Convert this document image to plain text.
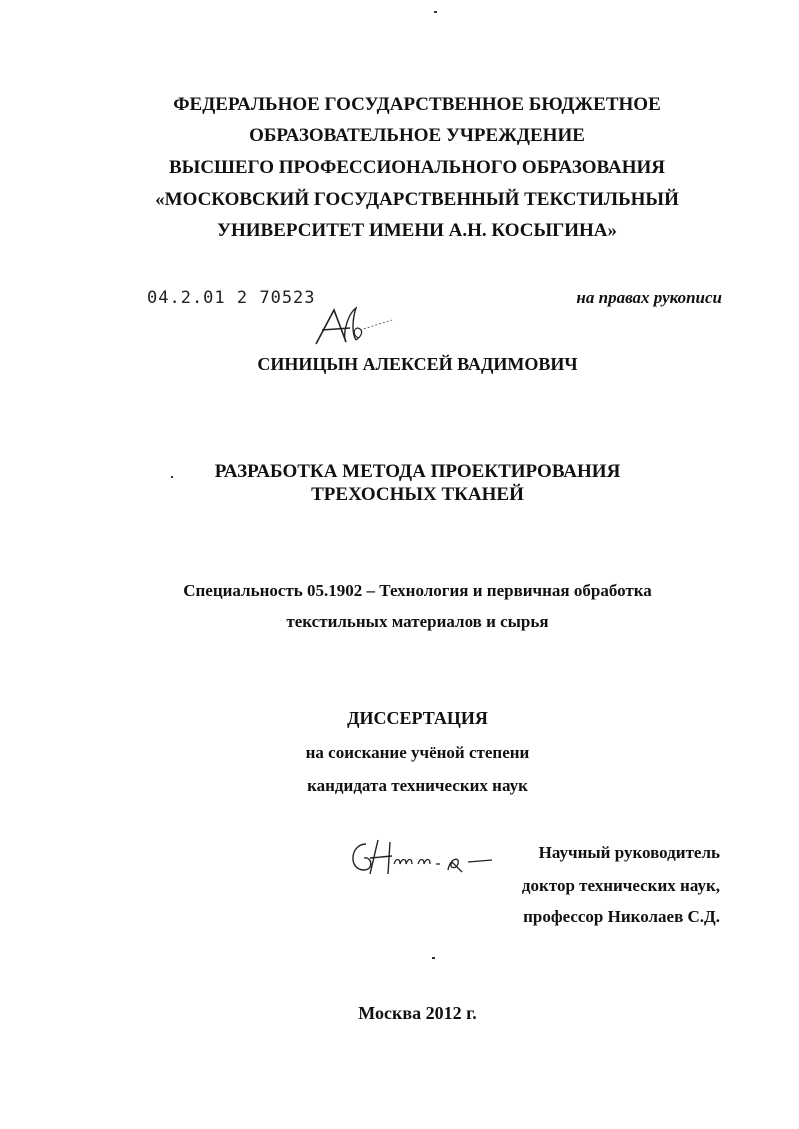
ФЕДЕРАЛЬНОЕ ГОСУДАРСТВЕННОЕ БЮДЖЕТНОЕ
ОБРАЗОВАТЕЛЬНОЕ УЧРЕЖДЕНИЕ
ВЫСШЕГО ПРОФЕССИОНАЛЬНОГО ОБРАЗОВАНИЯ
«МОСКОВСКИЙ ГОСУДАРСТВЕННЫЙ ТЕКСТИЛЬНЫЙ
УНИВЕРСИТЕТ ИМЕНИ А.Н. КОСЫГИНА»
04.2.01 2 70523	на правах рукописи
СИНИЦЫН АЛЕКСЕЙ ВАДИМОВИЧ
РАЗРАБОТКА МЕТОДА ПРОЕКТИРОВАНИЯ
ТРЕХОСНЫХ ТКАНЕЙ
Специальность 05.1902 – Технология и первичная обработка
текстильных материалов и сырья
ДИССЕРТАЦИЯ
на соискание учёной степени
кандидата технических наук
Научный руководитель
доктор технических наук,
профессор Николаев С.Д.
Москва 2012 г.
